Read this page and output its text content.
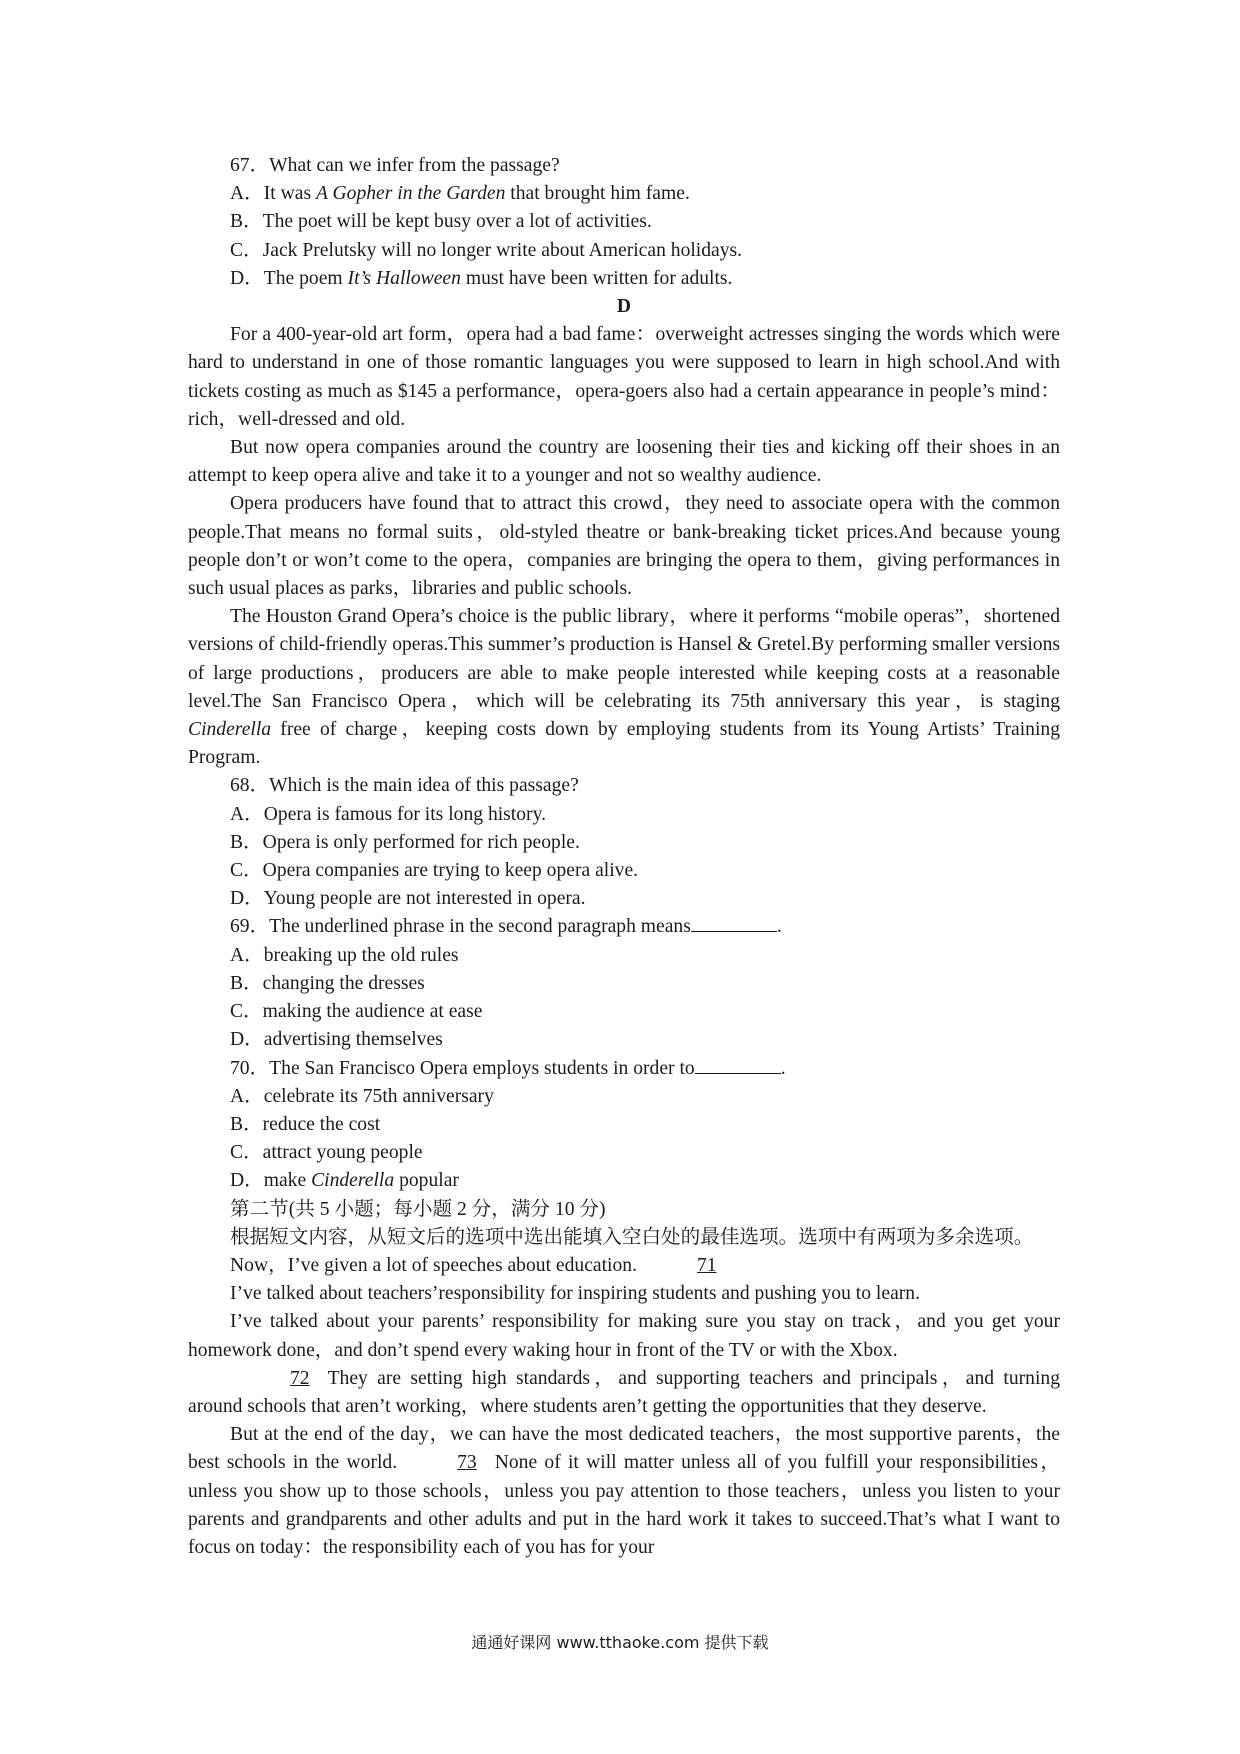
67．What can we infer from the passage?
A．It was A Gopher in the Garden that brought him fame.
B．The poet will be kept busy over a lot of activities.
C．Jack Prelutsky will no longer write about American holidays.
D．The poem It’s Halloween must have been written for adults.
D
For a 400-year-old art form，opera had a bad fame：overweight actresses singing the words which were hard to understand in one of those romantic languages you were supposed to learn in high school.And with tickets costing as much as $145 a performance，opera-goers also had a certain appearance in people’s mind：rich，well-dressed and old.
But now opera companies around the country are loosening their ties and kicking off their shoes in an attempt to keep opera alive and take it to a younger and not so wealthy audience.
Opera producers have found that to attract this crowd，they need to associate opera with the common people.That means no formal suits，old-styled theatre or bank-breaking ticket prices.And because young people don’t or won’t come to the opera，companies are bringing the opera to them，giving performances in such usual places as parks，libraries and public schools.
The Houston Grand Opera’s choice is the public library，where it performs “mobile operas”，shortened versions of child-friendly operas.This summer’s production is Hansel & Gretel.By performing smaller versions of large productions，producers are able to make people interested while keeping costs at a reasonable level.The San Francisco Opera，which will be celebrating its 75th anniversary this year，is staging Cinderella free of charge，keeping costs down by employing students from its Young Artists’ Training Program.
68．Which is the main idea of this passage?
A．Opera is famous for its long history.
B．Opera is only performed for rich people.
C．Opera companies are trying to keep opera alive.
D．Young people are not interested in opera.
69．The underlined phrase in the second paragraph means	.
A．breaking up the old rules
B．changing the dresses
C．making the audience at ease
D．advertising themselves
70．The San Francisco Opera employs students in order to	.
A．celebrate its 75th anniversary
B．reduce the cost
C．attract young people
D．make Cinderella popular
第二节(共 5 小题；每小题 2 分，满分 10 分)
根据短文内容，从短文后的选项中选出能填入空白处的最佳选项。选项中有两项为多余选项。
Now，I’ve given a lot of speeches about education.	71
I’ve talked about teachers’responsibility for inspiring students and pushing you to learn.
I’ve talked about your parents’ responsibility for making sure you stay on track，and you get your homework done，and don’t spend every waking hour in front of the TV or with the Xbox.
72 They are setting high standards，and supporting teachers and principals，and turning around schools that aren’t working，where students aren’t getting the opportunities that they deserve.
But at the end of the day，we can have the most dedicated teachers，the most supportive parents，the best schools in the world.	73 None of it will matter unless all of you fulfill your responsibilities，unless you show up to those schools，unless you pay attention to those teachers，unless you listen to your parents and grandparents and other adults and put in the hard work it takes to succeed.That’s what I want to focus on today：the responsibility each of you has for your
通通好课网 www.tthaoke.com 提供下载
